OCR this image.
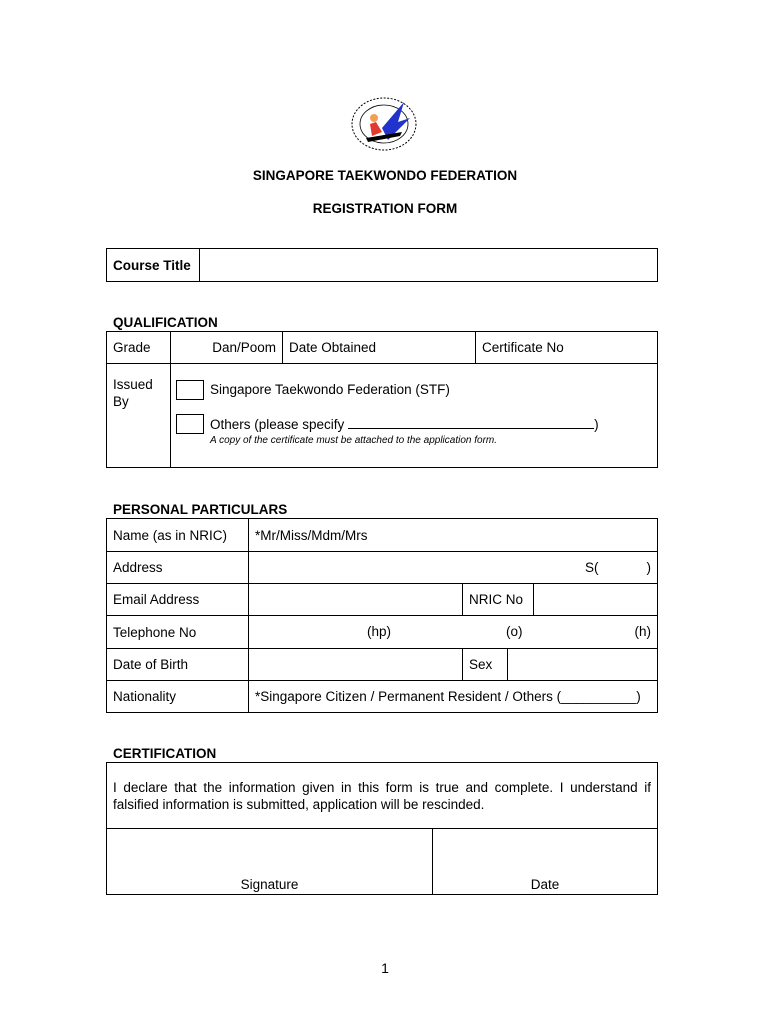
SINGAPORE TAEKWONDO FEDERATION
REGISTRATION FORM
Course Title	
QUALIFICATION
Grade	Dan/Poom	Date Obtained	Certificate No
Issued
By	Singapore Taekwondo Federation (STF)
Others (please specify )
A copy of the certificate must be attached to the application form.		
PERSONAL PARTICULARS
Name (as in NRIC)	*Mr/Miss/Mdm/Mrs			
Address	S( )			

Email Address		NRIC No		
Telephone No	(hp) (o) (h)			

Date of Birth		Sex		
Nationality	*Singapore Citizen / Permanent Resident / Others (__________)			
CERTIFICATION
I declare that the information given in this form is true and complete. I understand if falsified information is submitted, application will be rescinded.
Signature	Date
1
